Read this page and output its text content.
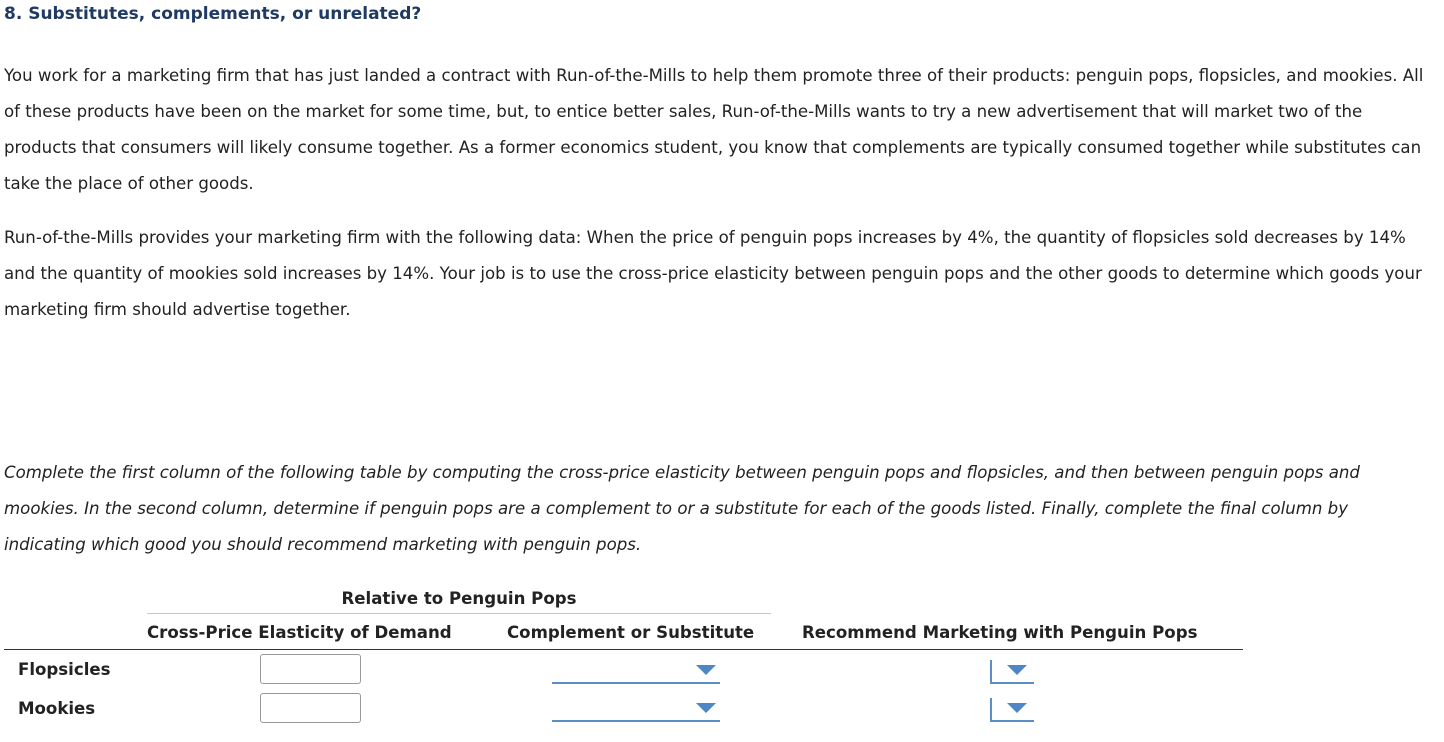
8. Substitutes, complements, or unrelated?

You work for a marketing firm that has just landed a contract with Run-of-the-Mills to help them promote three of their products: penguin pops, flopsicles, and mookies. All of these products have been on the market for some time, but, to entice better sales, Run-of-the-Mills wants to try a new advertisement that will market two of the products that consumers will likely consume together. As a former economics student, you know that complements are typically consumed together while substitutes can take the place of other goods.

Run-of-the-Mills provides your marketing firm with the following data: When the price of penguin pops increases by 4%, the quantity of flopsicles sold decreases by 14% and the quantity of mookies sold increases by 14%. Your job is to use the cross-price elasticity between penguin pops and the other goods to determine which goods your marketing firm should advertise together.

Complete the first column of the following table by computing the cross-price elasticity between penguin pops and flopsicles, and then between penguin pops and mookies. In the second column, determine if penguin pops are a complement to or a substitute for each of the goods listed. Finally, complete the final column by indicating which good you should recommend marketing with penguin pops.

Relative to Penguin Pops
Cross-Price Elasticity of Demand	Complement or Substitute	Recommend Marketing with Penguin Pops
Flopsicles
Mookies
